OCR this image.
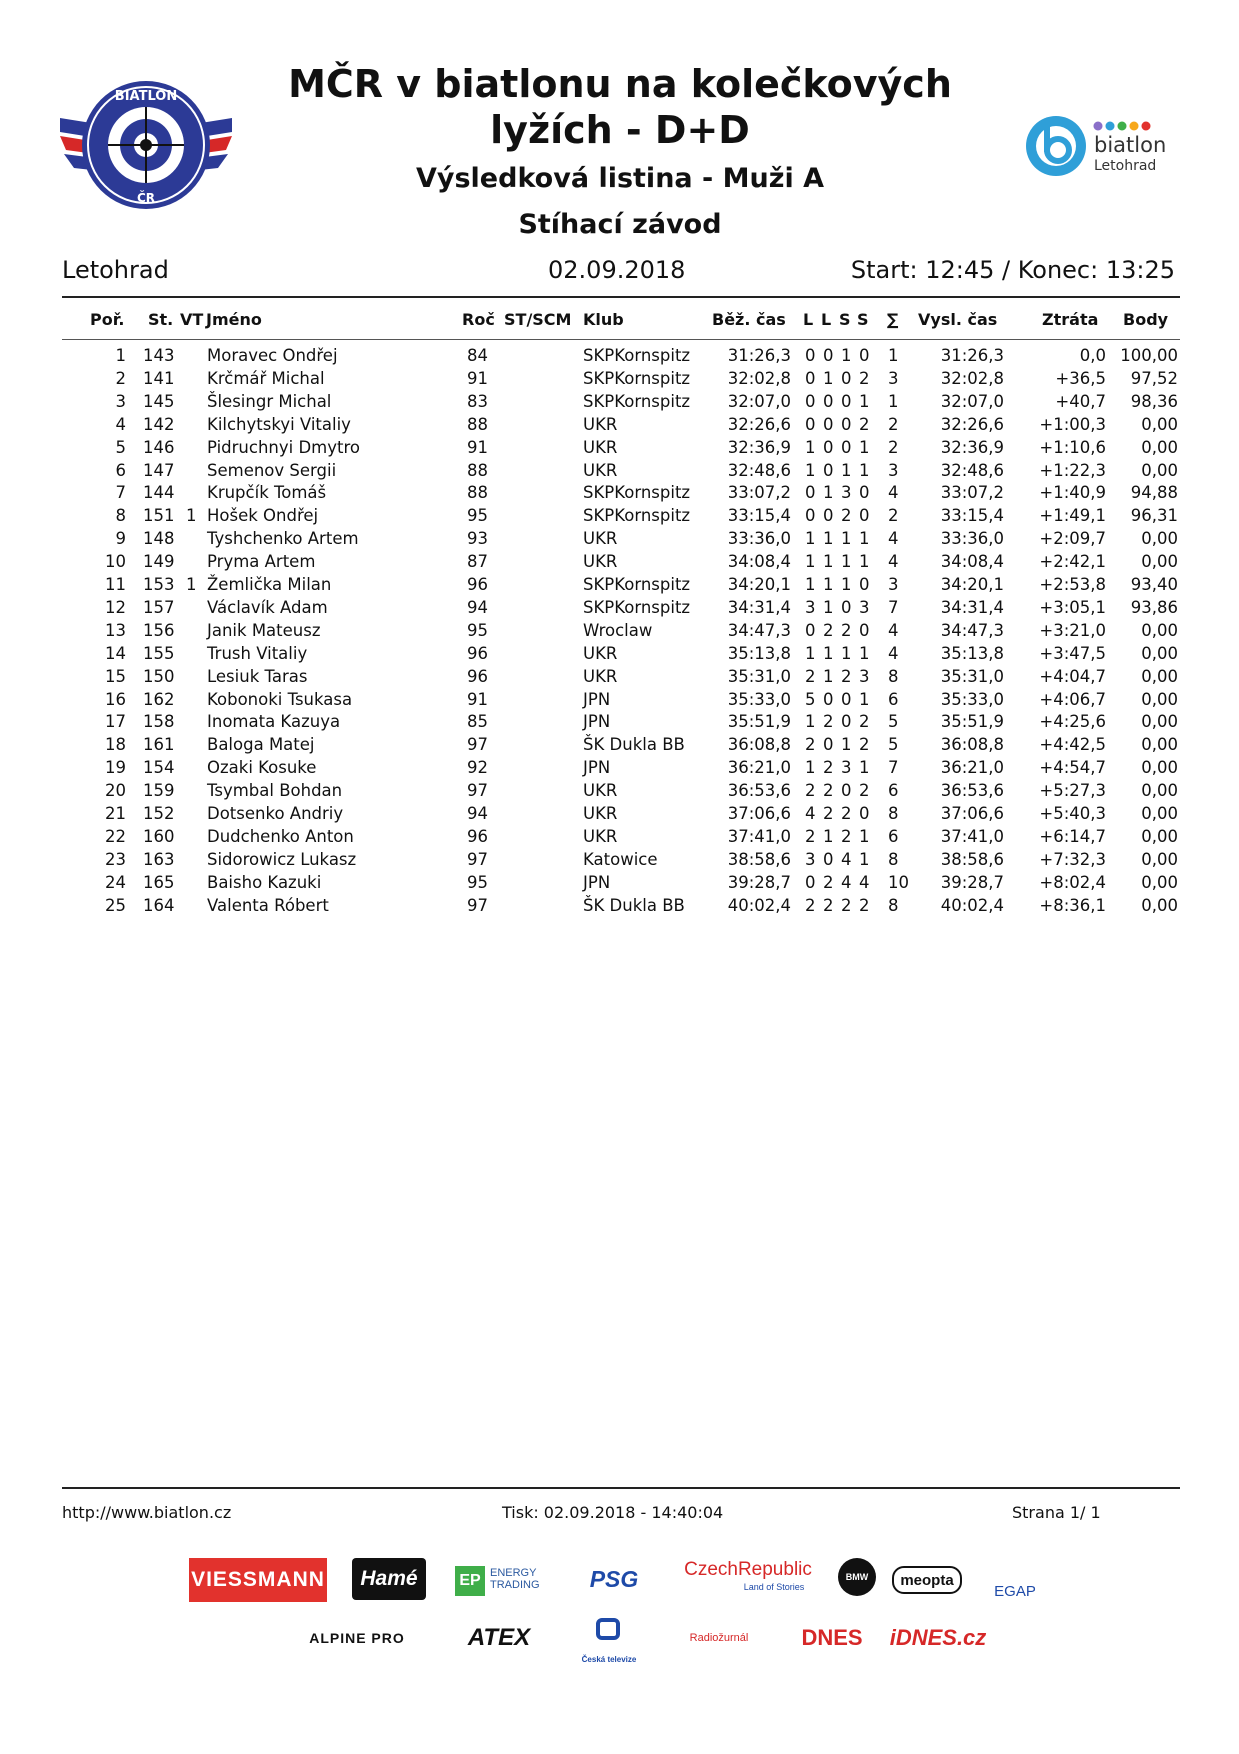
BIATLON
ČR
biatlon
Letohrad
MČR v biatlonu na kolečkových
lyžích - D+D
Výsledková listina - Muži A
Stíhací závod
Letohrad	02.09.2018	Start: 12:45 / Konec: 13:25
Poř. St. VT Jméno	Roč ST/SCM Klub	Běž. čas L L S S ∑ Vysl. čas	Ztráta Body
1 143 Moravec Ondřej	84	SKPKornspitz 31:26,3 0 0 1 0 1	31:26,3	0,0 100,00
2 141 Krčmář Michal	91	SKPKornspitz 32:02,8 0 1 0 2 3	32:02,8	+36,5 97,52
3 145 Šlesingr Michal	83	SKPKornspitz 32:07,0 0 0 0 1 1	32:07,0	+40,7 98,36
4 142 Kilchytskyi Vitaliy	88	UKR	32:26,6 0 0 0 2 2	32:26,6 +1:00,3 0,00
5 146 Pidruchnyi Dmytro	91	UKR	32:36,9 1 0 0 1 2	32:36,9 +1:10,6 0,00
6 147 Semenov Sergii	88	UKR	32:48,6 1 0 1 1 3	32:48,6 +1:22,3 0,00
7 144 Krupčík Tomáš	88	SKPKornspitz 33:07,2 0 1 3 0 4	33:07,2 +1:40,9 94,88
8 151 1 Hošek Ondřej	95	SKPKornspitz 33:15,4 0 0 2 0 2	33:15,4 +1:49,1 96,31
9 148 Tyshchenko Artem	93	UKR	33:36,0 1 1 1 1 4	33:36,0 +2:09,7 0,00
10 149 Pryma Artem	87	UKR	34:08,4 1 1 1 1 4	34:08,4 +2:42,1 0,00
11 153 1 Žemlička Milan	96	SKPKornspitz 34:20,1 1 1 1 0 3	34:20,1 +2:53,8 93,40
12 157 Václavík Adam	94	SKPKornspitz 34:31,4 3 1 0 3 7	34:31,4 +3:05,1 93,86
13 156 Janik Mateusz	95	Wroclaw	34:47,3 0 2 2 0 4	34:47,3 +3:21,0 0,00
14 155 Trush Vitaliy	96	UKR	35:13,8 1 1 1 1 4	35:13,8 +3:47,5 0,00
15 150 Lesiuk Taras	96	UKR	35:31,0 2 1 2 3 8	35:31,0 +4:04,7 0,00
16 162 Kobonoki Tsukasa	91	JPN	35:33,0 5 0 0 1 6	35:33,0 +4:06,7 0,00
17 158 Inomata Kazuya	85	JPN	35:51,9 1 2 0 2 5	35:51,9 +4:25,6 0,00
18 161 Baloga Matej	97	ŠK Dukla BB	36:08,8 2 0 1 2 5	36:08,8 +4:42,5 0,00
19 154 Ozaki Kosuke	92	JPN	36:21,0 1 2 3 1 7	36:21,0 +4:54,7 0,00
20 159 Tsymbal Bohdan	97	UKR	36:53,6 2 2 0 2 6	36:53,6 +5:27,3 0,00
21 152 Dotsenko Andriy	94	UKR	37:06,6 4 2 2 0 8	37:06,6 +5:40,3 0,00
22 160 Dudchenko Anton	96	UKR	37:41,0 2 1 2 1 6	37:41,0 +6:14,7 0,00
23 163 Sidorowicz Lukasz	97	Katowice	38:58,6 3 0 4 1 8	38:58,6 +7:32,3 0,00
24 165 Baisho Kazuki	95	JPN	39:28,7 0 2 4 4 10 39:28,7 +8:02,4 0,00
25 164 Valenta Róbert	97	ŠK Dukla BB	40:02,4 2 2 2 2 8	40:02,4 +8:36,1 0,00
http://www.biatlon.cz	Tisk: 02.09.2018 - 14:40:04	Strana 1/ 1
VIESSMANN	Hamé	EP ENERGY TRADING	PSG	CzechRepublic
Land of Stories
BMW	meopta
EGAP
ALPINE PRO	ATEX
Česká televize
Radiožurnál	DNES iDNES.cz
